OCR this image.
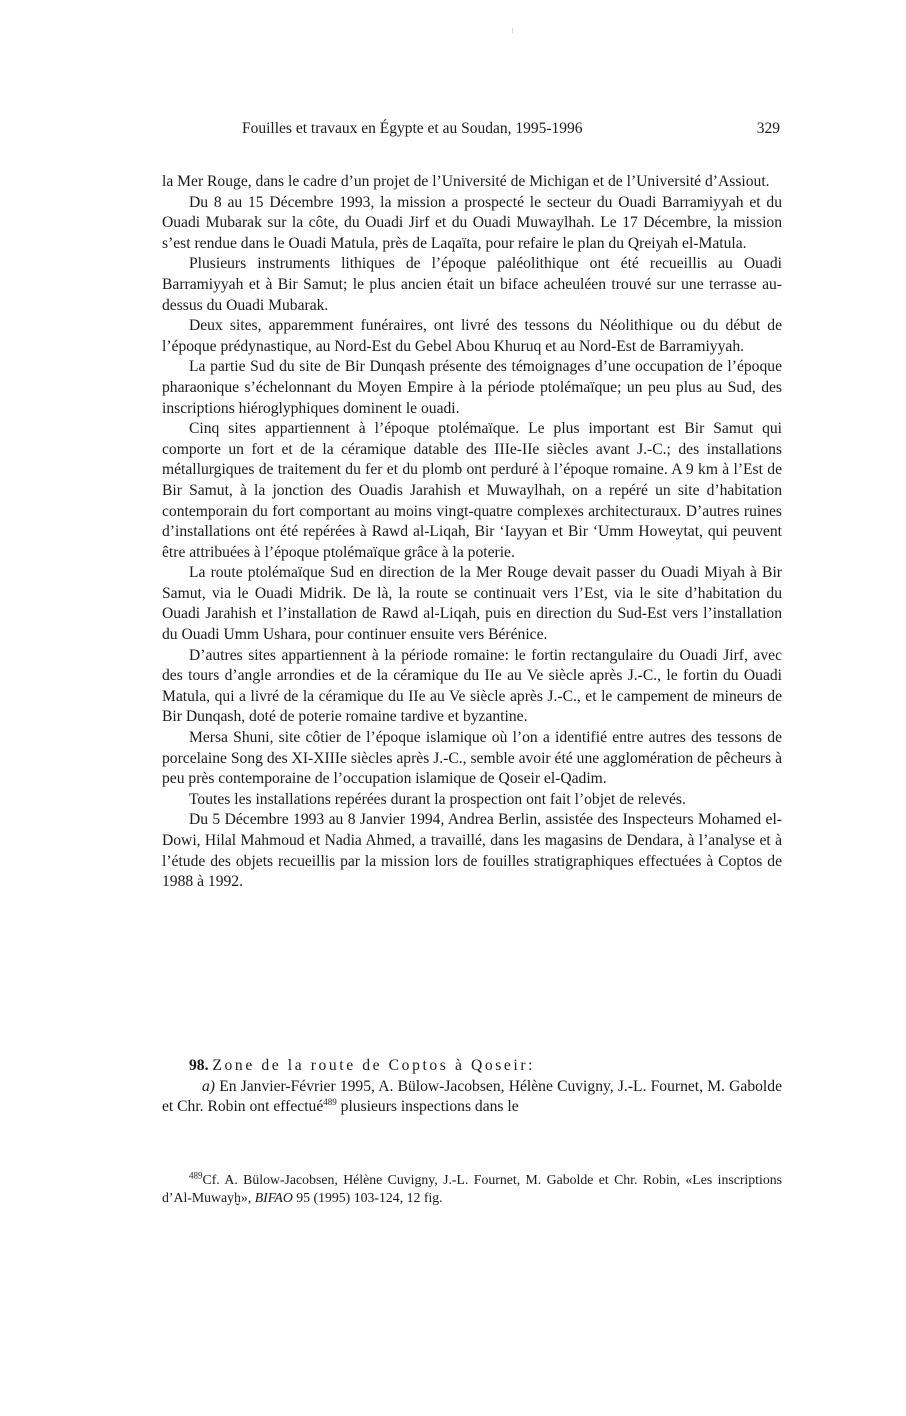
Fouilles et travaux en Égypte et au Soudan, 1995-1996	329

la Mer Rouge, dans le cadre d’un projet de l’Université de Michigan et de l’Université d’Assiout.

Du 8 au 15 Décembre 1993, la mission a prospecté le secteur du Ouadi Barramiyyah et du Ouadi Mubarak sur la côte, du Ouadi Jirf et du Ouadi Muwaylhah. Le 17 Décembre, la mission s’est rendue dans le Ouadi Matula, près de Laqaïta, pour refaire le plan du Qreiyah el-Matula.

Plusieurs instruments lithiques de l’époque paléolithique ont été recueillis au Ouadi Barramiyyah et à Bir Samut; le plus ancien était un biface acheuléen trouvé sur une terrasse au-dessus du Ouadi Mubarak.

Deux sites, apparemment funéraires, ont livré des tessons du Néolithique ou du début de l’époque prédynastique, au Nord-Est du Gebel Abou Khuruq et au Nord-Est de Barramiyyah.

La partie Sud du site de Bir Dunqash présente des témoignages d’une occupation de l’époque pharaonique s’échelonnant du Moyen Empire à la période ptolémaïque; un peu plus au Sud, des inscriptions hiéroglyphiques dominent le ouadi.

Cinq sites appartiennent à l’époque ptolémaïque. Le plus important est Bir Samut qui comporte un fort et de la céramique datable des IIIe-IIe siècles avant J.-C.; des installations métallurgiques de traitement du fer et du plomb ont perduré à l’époque romaine. A 9 km à l’Est de Bir Samut, à la jonction des Ouadis Jarahish et Muwaylhah, on a repéré un site d’habitation contemporain du fort comportant au moins vingt-quatre complexes architecturaux. D’autres ruines d’installations ont été repérées à Rawd al-Liqah, Bir ‘Iayyan et Bir ‘Umm Howeytat, qui peuvent être attribuées à l’époque ptolémaïque grâce à la poterie.

La route ptolémaïque Sud en direction de la Mer Rouge devait passer du Ouadi Miyah à Bir Samut, via le Ouadi Midrik. De là, la route se continuait vers l’Est, via le site d’habitation du Ouadi Jarahish et l’installation de Rawd al-Liqah, puis en direction du Sud-Est vers l’installation du Ouadi Umm Ushara, pour continuer ensuite vers Bérénice.

D’autres sites appartiennent à la période romaine: le fortin rectangulaire du Ouadi Jirf, avec des tours d’angle arrondies et de la céramique du IIe au Ve siècle après J.-C., le fortin du Ouadi Matula, qui a livré de la céramique du IIe au Ve siècle après J.-C., et le campement de mineurs de Bir Dunqash, doté de poterie romaine tardive et byzantine.

Mersa Shuni, site côtier de l’époque islamique où l’on a identifié entre autres des tessons de porcelaine Song des XI-XIIIe siècles après J.-C., semble avoir été une agglomération de pêcheurs à peu près contemporaine de l’occupation islamique de Qoseir el-Qadim.

Toutes les installations repérées durant la prospection ont fait l’objet de relevés.

Du 5 Décembre 1993 au 8 Janvier 1994, Andrea Berlin, assistée des Inspecteurs Mohamed el-Dowi, Hilal Mahmoud et Nadia Ahmed, a travaillé, dans les magasins de Dendara, à l’analyse et à l’étude des objets recueillis par la mission lors de fouilles stratigraphiques effectuées à Coptos de 1988 à 1992.

98. Zone de la route de Coptos à Qoseir:

a) En Janvier-Février 1995, A. Bülow-Jacobsen, Hélène Cuvigny, J.-L. Fournet, M. Gabolde et Chr. Robin ont effectué$^{489}$ plusieurs inspections dans le

$^{489}$Cf. A. Bülow-Jacobsen, Hélène Cuvigny, J.-L. Fournet, M. Gabolde et Chr. Robin, «Les inscriptions d’Al-Muwayḫ», BIFAO 95 (1995) 103-124, 12 fig.
